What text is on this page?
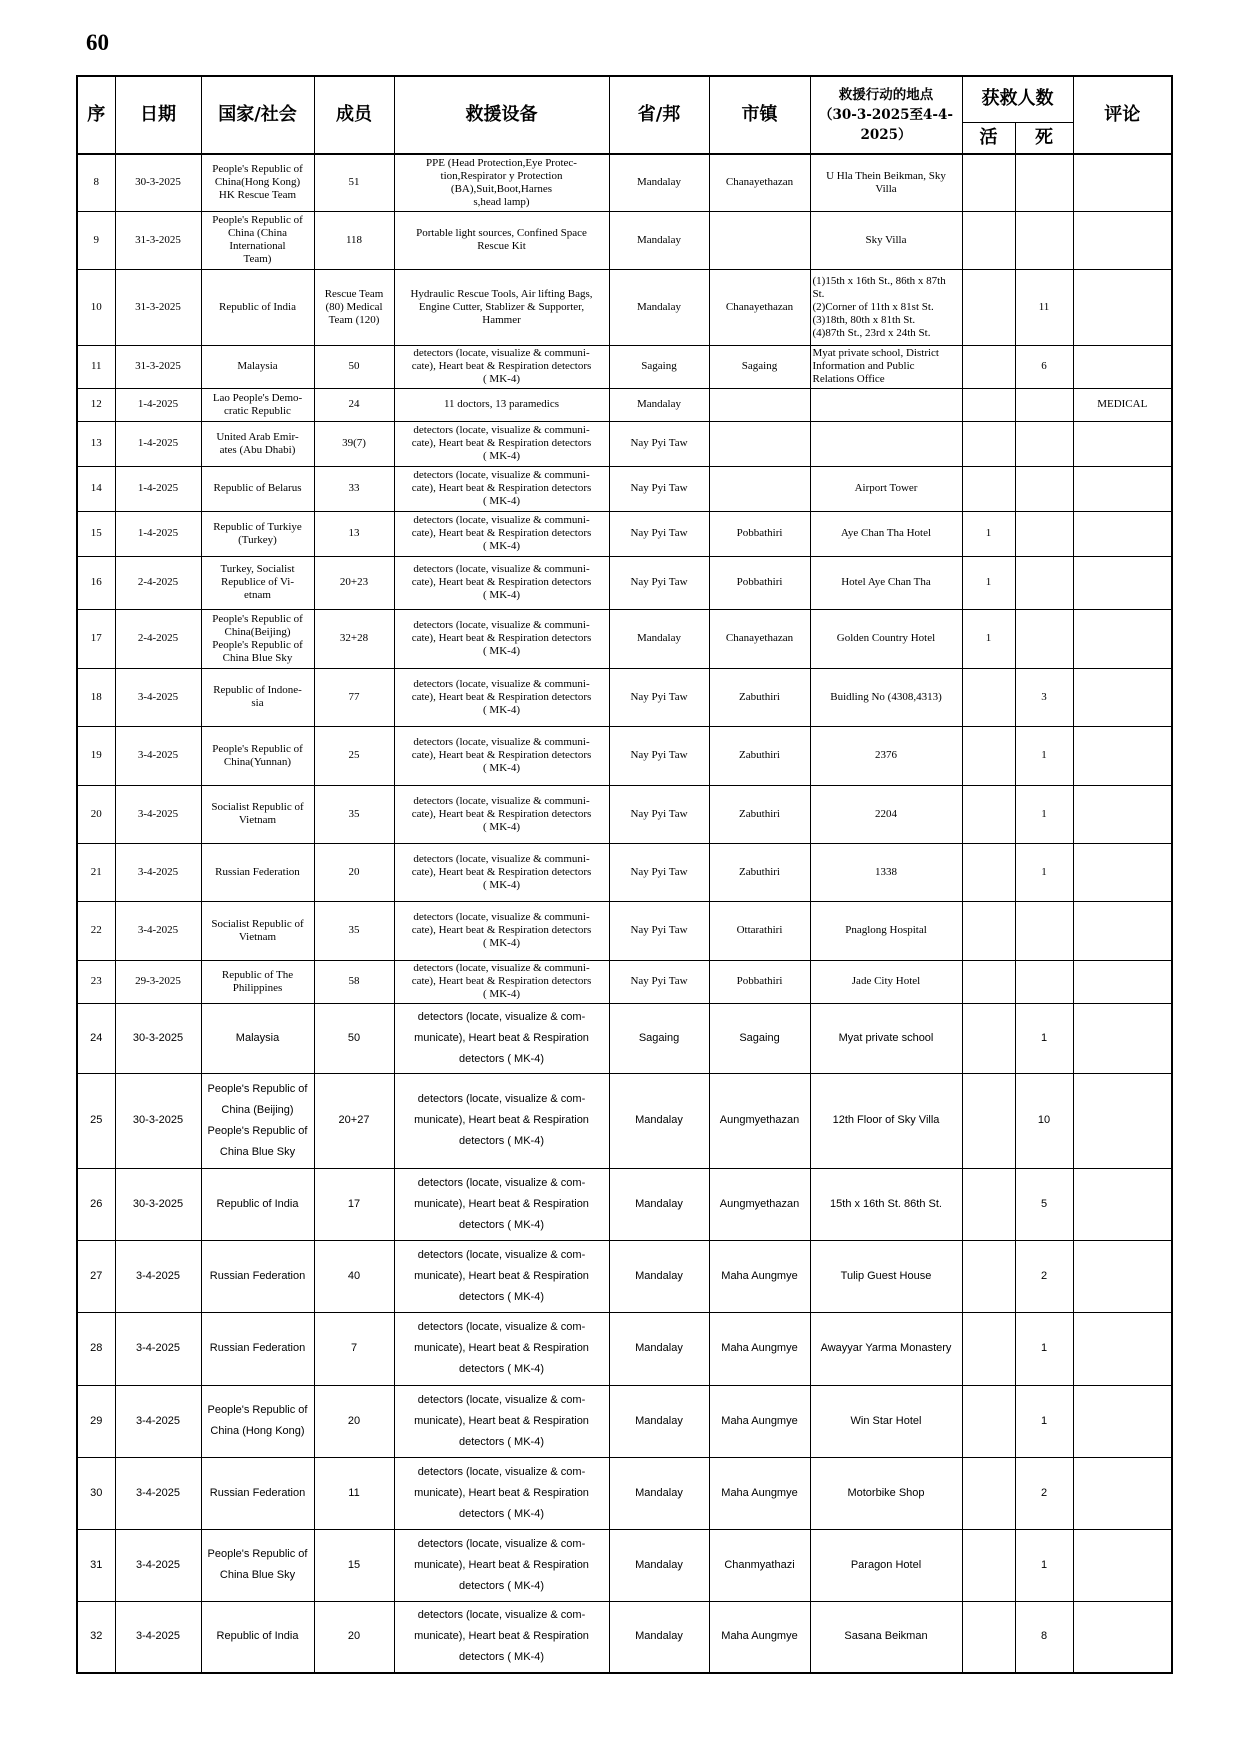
60
序	日期	国家/社会	成员	救援设备	省/邦	市镇	救援行动的地点
（30-3-2025至4-4-
2025）	获救人数		评论
								活	死	
8	30-3-2025	People's Republic of
China(Hong Kong)
HK Rescue Team	51	PPE (Head Protection,Eye Protec-
tion,Respirator y Protection
(BA),Suit,Boot,Harnes
s,head lamp)	Mandalay	Chanayethazan	U Hla Thein Beikman, Sky
Villa			
9	31-3-2025	People's Republic of
China (China
International
Team)	118	Portable light sources, Confined Space
Rescue Kit	Mandalay		Sky Villa			
10	31-3-2025	Republic of India	Rescue Team
(80) Medical
Team (120)	Hydraulic Rescue Tools, Air lifting Bags,
Engine Cutter, Stablizer & Supporter,
Hammer	Mandalay	Chanayethazan	(1)15th x 16th St., 86th x 87th
St.
(2)Corner of 11th x 81st St.
(3)18th, 80th x 81th St.
(4)87th St., 23rd x 24th St.		11	
11	31-3-2025	Malaysia	50	detectors (locate, visualize & communi-
cate), Heart beat & Respiration detectors
( MK-4)	Sagaing	Sagaing	Myat private school, District
Information and Public
Relations Office		6	
12	1-4-2025	Lao People's Demo-
cratic Republic	24	11 doctors, 13 paramedics	Mandalay					MEDICAL
13	1-4-2025	United Arab Emir-
ates (Abu Dhabi)	39(7)	detectors (locate, visualize & communi-
cate), Heart beat & Respiration detectors
( MK-4)	Nay Pyi Taw					
14	1-4-2025	Republic of Belarus	33	detectors (locate, visualize & communi-
cate), Heart beat & Respiration detectors
( MK-4)	Nay Pyi Taw		Airport Tower			
15	1-4-2025	Republic of Turkiye
(Turkey)	13	detectors (locate, visualize & communi-
cate), Heart beat & Respiration detectors
( MK-4)	Nay Pyi Taw	Pobbathiri	Aye Chan Tha Hotel	1		
16	2-4-2025	Turkey, Socialist
Republice of Vi-
etnam	20+23	detectors (locate, visualize & communi-
cate), Heart beat & Respiration detectors
( MK-4)	Nay Pyi Taw	Pobbathiri	Hotel Aye Chan Tha	1		
17	2-4-2025	People's Republic of
China(Beijing)
People's Republic of
China Blue Sky	32+28	detectors (locate, visualize & communi-
cate), Heart beat & Respiration detectors
( MK-4)	Mandalay	Chanayethazan	Golden Country Hotel	1		
18	3-4-2025	Republic of Indone-
sia	77	detectors (locate, visualize & communi-
cate), Heart beat & Respiration detectors
( MK-4)	Nay Pyi Taw	Zabuthiri	Buidling No (4308,4313)		3	
19	3-4-2025	People's Republic of
China(Yunnan)	25	detectors (locate, visualize & communi-
cate), Heart beat & Respiration detectors
( MK-4)	Nay Pyi Taw	Zabuthiri	2376		1	
20	3-4-2025	Socialist Republic of
Vietnam	35	detectors (locate, visualize & communi-
cate), Heart beat & Respiration detectors
( MK-4)	Nay Pyi Taw	Zabuthiri	2204		1	
21	3-4-2025	Russian Federation	20	detectors (locate, visualize & communi-
cate), Heart beat & Respiration detectors
( MK-4)	Nay Pyi Taw	Zabuthiri	1338		1	
22	3-4-2025	Socialist Republic of
Vietnam	35	detectors (locate, visualize & communi-
cate), Heart beat & Respiration detectors
( MK-4)	Nay Pyi Taw	Ottarathiri	Pnaglong Hospital			
23	29-3-2025	Republic of The
Philippines	58	detectors (locate, visualize & communi-
cate), Heart beat & Respiration detectors
( MK-4)	Nay Pyi Taw	Pobbathiri	Jade City Hotel			
24	30-3-2025	Malaysia	50	detectors (locate, visualize & com-
municate), Heart beat & Respiration
detectors ( MK-4)	Sagaing	Sagaing	Myat private school		1	
25	30-3-2025	People's Republic of
China (Beijing)
People's Republic of
China Blue Sky	20+27	detectors (locate, visualize & com-
municate), Heart beat & Respiration
detectors ( MK-4)	Mandalay	Aungmyethazan	12th Floor of Sky Villa		10	
26	30-3-2025	Republic of India	17	detectors (locate, visualize & com-
municate), Heart beat & Respiration
detectors ( MK-4)	Mandalay	Aungmyethazan	15th x 16th St. 86th St.		5	
27	3-4-2025	Russian Federation	40	detectors (locate, visualize & com-
municate), Heart beat & Respiration
detectors ( MK-4)	Mandalay	Maha Aungmye	Tulip Guest House		2	
28	3-4-2025	Russian Federation	7	detectors (locate, visualize & com-
municate), Heart beat & Respiration
detectors ( MK-4)	Mandalay	Maha Aungmye	Awayyar Yarma Monastery		1	
29	3-4-2025	People's Republic of
China (Hong Kong)	20	detectors (locate, visualize & com-
municate), Heart beat & Respiration
detectors ( MK-4)	Mandalay	Maha Aungmye	Win Star Hotel		1	
30	3-4-2025	Russian Federation	11	detectors (locate, visualize & com-
municate), Heart beat & Respiration
detectors ( MK-4)	Mandalay	Maha Aungmye	Motorbike Shop		2	
31	3-4-2025	People's Republic of
China Blue Sky	15	detectors (locate, visualize & com-
municate), Heart beat & Respiration
detectors ( MK-4)	Mandalay	Chanmyathazi	Paragon Hotel		1	
32	3-4-2025	Republic of India	20	detectors (locate, visualize & com-
municate), Heart beat & Respiration
detectors ( MK-4)	Mandalay	Maha Aungmye	Sasana Beikman		8	
